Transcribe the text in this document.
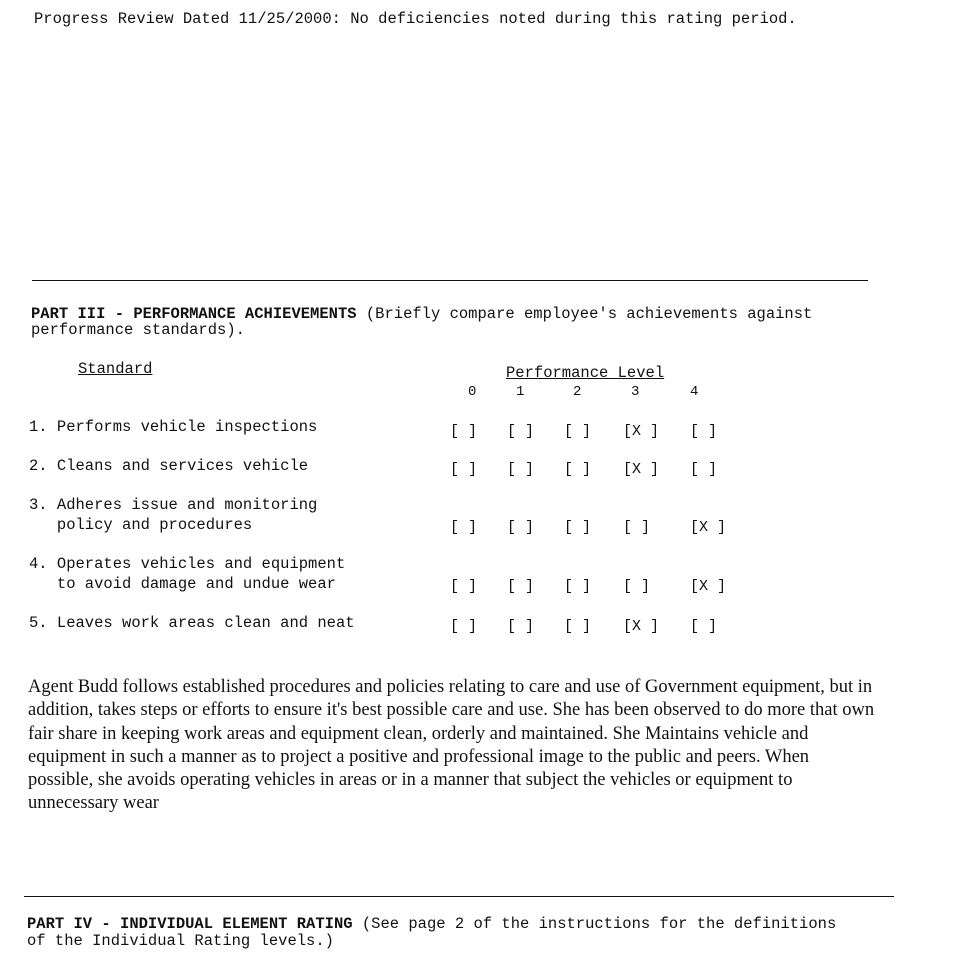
Progress Review Dated 11/25/2000: No deficiencies noted during this rating period.
PART III - PERFORMANCE ACHIEVEMENTS (Briefly compare employee's achievements against
performance standards).
Standard	Performance Level
0	1	2	3	4
1. Performs vehicle inspections	[ ] [ ] [ ] [X ] [ ]
2. Cleans and services vehicle	[ ] [ ] [ ] [X ] [ ]
3. Adheres issue and monitoring
policy and procedures	[ ] [ ] [ ] [ ]	[X ]
4. Operates vehicles and equipment
to avoid damage and undue wear	[ ] [ ] [ ] [ ]	[X ]
5. Leaves work areas clean and neat	[ ] [ ] [ ] [X ] [ ]
Agent Budd follows established procedures and policies relating to care and use of Government equipment, but in addition, takes steps or efforts to ensure it's best possible care and use. She has been observed to do more that own fair share in keeping work areas and equipment clean, orderly and maintained. She Maintains vehicle and equipment in such a manner as to project a positive and professional image to the public and peers. When possible, she avoids operating vehicles in areas or in a manner that subject the vehicles or equipment to unnecessary wear
PART IV - INDIVIDUAL ELEMENT RATING (See page 2 of the instructions for the definitions
of the Individual Rating levels.)
